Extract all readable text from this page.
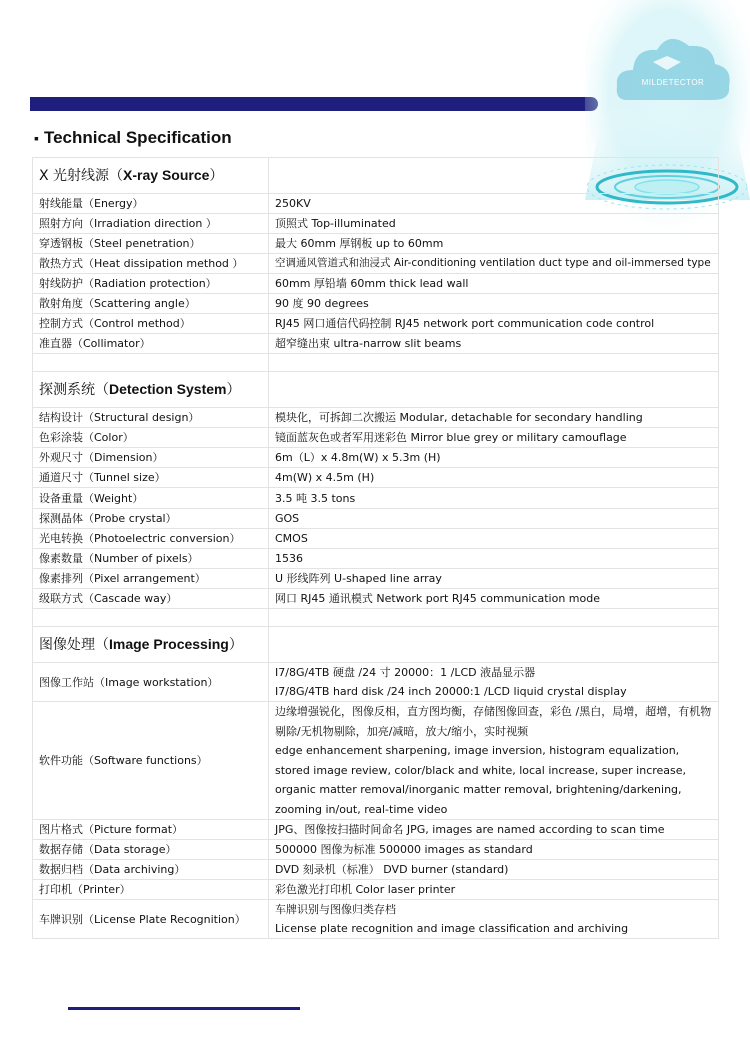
MILDETECTOR
▪ Technical Specification
X 光射线源（X-ray Source）	
射线能量（Energy）	250KV
照射方向（Irradiation direction ）	顶照式 Top-illuminated
穿透钢板（Steel penetration）	最大 60mm 厚钢板 up to 60mm
散热方式（Heat dissipation method ）	空调通风管道式和油浸式 Air-conditioning ventilation duct type and oil-immersed type
射线防护（Radiation protection）	60mm 厚铅墙 60mm thick lead wall
散射角度（Scattering angle）	90 度 90 degrees
控制方式（Control method）	RJ45 网口通信代码控制 RJ45 network port communication code control
准直器（Collimator）	超窄缝出束 ultra-narrow slit beams

探测系统（Detection System）	
结构设计（Structural design）	模块化，可拆卸二次搬运 Modular, detachable for secondary handling
色彩涂装（Color）	镜面蓝灰色或者军用迷彩色 Mirror blue grey or military camouflage
外观尺寸（Dimension）	6m（L）x 4.8m(W) x 5.3m (H)
通道尺寸（Tunnel size）	4m(W) x 4.5m (H)
设备重量（Weight）	3.5 吨 3.5 tons
探测晶体（Probe crystal）	GOS
光电转换（Photoelectric conversion）	CMOS
像素数量（Number of pixels）	1536
像素排列（Pixel arrangement）	U 形线阵列 U-shaped line array
级联方式（Cascade way）	网口 RJ45 通讯模式 Network port RJ45 communication mode

图像处理（Image Processing）	
图像工作站（Image workstation）	I7/8G/4TB 硬盘 /24 寸 20000：1 /LCD 液晶显示器
I7/8G/4TB hard disk /24 inch 20000:1 /LCD liquid crystal display

软件功能（Software functions）	边缘增强锐化，图像反相，直方图均衡，存储图像回查，彩色 /黑白，局增，超增，有机物剔除/无机物剔除，加亮/减暗，放大/缩小，实时视频
edge enhancement sharpening, image inversion, histogram equalization, stored image review, color/black and white, local increase, super increase, organic matter removal/inorganic matter removal, brightening/darkening, zooming in/out, real-time video

图片格式（Picture format）	JPG、图像按扫描时间命名 JPG, images are named according to scan time
数据存储（Data storage）	500000 图像为标准 500000 images as standard
数据归档（Data archiving）	DVD 刻录机（标准） DVD burner (standard)
打印机（Printer）	彩色激光打印机 Color laser printer
车牌识别（License Plate Recognition）	车牌识别与图像归类存档
License plate recognition and image classification and archiving
